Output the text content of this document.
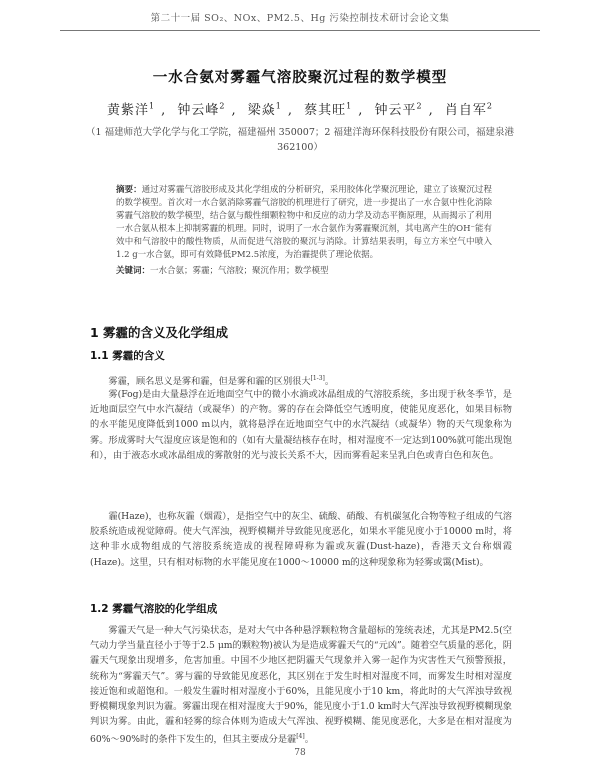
第二十一届 SO₂、NOx、PM2.5、Hg 污染控制技术研讨会论文集
一水合氨对雾霾气溶胶聚沉过程的数学模型
黄紫洋$^1$ , 钟云峰$^2$ , 梁焱$^1$ , 蔡其旺$^1$ , 钟云平$^2$ , 肖自军$^2$
（1 福建师范大学化学与化工学院，福建福州 350007；2 福建洋海环保科技股份有限公司，福建泉港 362100）
摘要：通过对雾霾气溶胶形成及其化学组成的分析研究，采用胶体化学聚沉理论，建立了该聚沉过程的数学模型。首次对一水合氨消除雾霾气溶胶的机理进行了研究，进一步提出了一水合氨中性化消除雾霾气溶胶的数学模型，结合氨与酸性细颗粒物中和反应的动力学及动态平衡原理，从而揭示了利用一水合氨从根本上抑制雾霾的机理。同时，说明了一水合氨作为雾霾聚沉剂，其电离产生的OH⁻能有效中和气溶胶中的酸性物质，从而促进气溶胶的聚沉与消除。计算结果表明，每立方米空气中喷入1.2 g一水合氨，即可有效降低PM2.5浓度，为治霾提供了理论依据。
关键词：一水合氨；雾霾；气溶胶；聚沉作用；数学模型
1 雾霾的含义及化学组成
1.1 雾霾的含义
雾霾，顾名思义是雾和霾，但是雾和霾的区别很大[1-3]。
雾(Fog)是由大量悬浮在近地面空气中的微小水滴或冰晶组成的气溶胶系统，多出现于秋冬季节，是近地面层空气中水汽凝结（或凝华）的产物。雾的存在会降低空气透明度，使能见度恶化，如果目标物的水平能见度降低到1000 m以内，就将悬浮在近地面空气中的水汽凝结（或凝华）物的天气现象称为雾。形成雾时大气湿度应该是饱和的（如有大量凝结核存在时，相对湿度不一定达到100%就可能出现饱和），由于液态水或冰晶组成的雾散射的光与波长关系不大，因而雾看起来呈乳白色或青白色和灰色。
霾(Haze)，也称灰霾（烟霞），是指空气中的灰尘、硫酸、硝酸、有机碳氢化合物等粒子组成的气溶胶系统造成视觉障碍。使大气浑浊，视野模糊并导致能见度恶化，如果水平能见度小于10000 m时，将这种非水成物组成的气溶胶系统造成的视程障碍称为霾或灰霾(Dust-haze)，香港天文台称烟霞(Haze)。这里，只有相对标物的水平能见度在1000～10000 m的这种现象称为轻雾或霭(Mist)。
1.2 雾霾气溶胶的化学组成
雾霾天气是一种大气污染状态，是对大气中各种悬浮颗粒物含量超标的笼统表述，尤其是PM2.5(空气动力学当量直径小于等于2.5 μm的颗粒物)被认为是造成雾霾天气的“元凶”。随着空气质量的恶化，阴霾天气现象出现增多，危害加重。中国不少地区把阴霾天气现象并入雾一起作为灾害性天气预警预报，统称为“雾霾天气”。雾与霾的导致能见度恶化，其区别在于发生时相对湿度不同，而雾发生时相对湿度接近饱和或超饱和。一般发生霾时相对湿度小于60%，且能见度小于10 km，将此时的大气浑浊导致视野模糊现象判识为霾。雾霾出现在相对湿度大于90%，能见度小于1.0 km时大气浑浊导致视野模糊现象判识为雾。由此，霾和轻雾的综合体则为造成大气浑浊、视野模糊、能见度恶化，大多是在相对湿度为60%～90%时的条件下发生的，但其主要成分是霾[4]。
78
